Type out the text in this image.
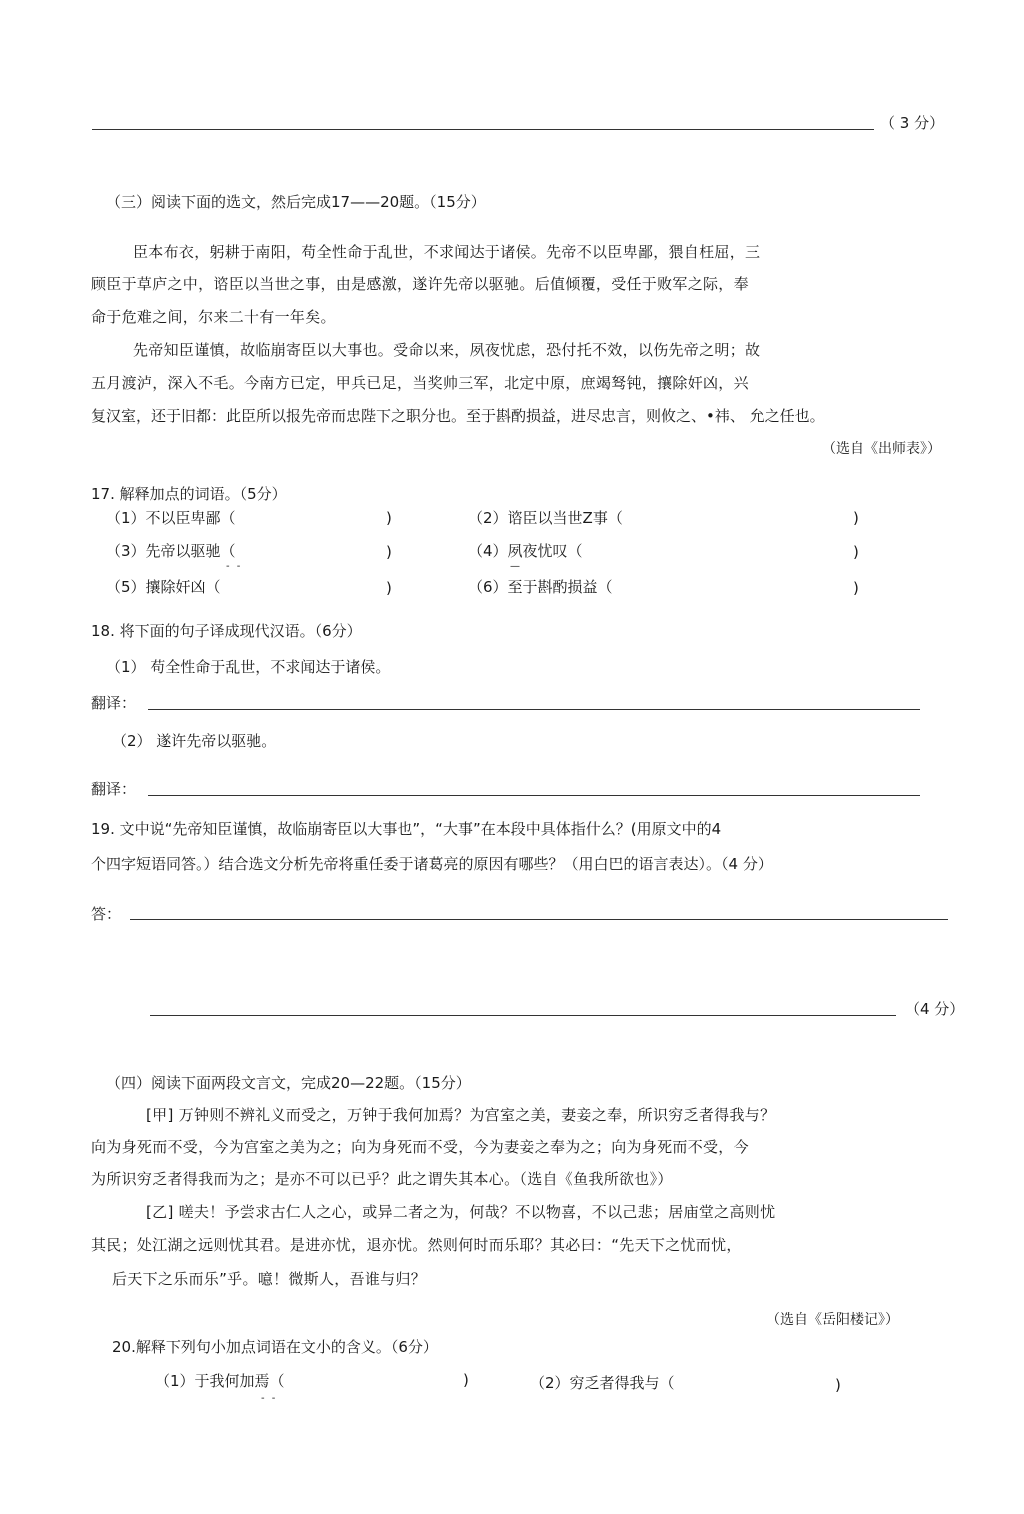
（ 3 分）
（三）阅读下面的选文，然后完成17——20题。（15分）
臣本布衣，躬耕于南阳，苟全性命于乱世，不求闻达于诸侯。先帝不以臣卑鄙，猥自枉屈，三
顾臣于草庐之中，谘臣以当世之事，由是感激，遂许先帝以驱驰。后值倾覆，受任于败军之际，奉
命于危难之间，尔来二十有一年矣。
先帝知臣谨慎，故临崩寄臣以大事也。受命以来，夙夜忧虑，恐付托不效，以伤先帝之明；故
五月渡泸，深入不毛。今南方已定，甲兵已足，当奖帅三军，北定中原，庶竭驽钝，攘除奸凶，兴
复汉室，还于旧都：此臣所以报先帝而忠陛下之职分也。至于斟酌损益，进尽忠言，则攸之、•祎、 允之任也。
（选自《出师表》）
17. 解释加点的词语。（5分）
（1）不以臣卑鄙（	)	（2）谘臣以当世Z事（	)
（3）先帝以驱驰（	)	（4）夙夜忧叹（	)
- -	—
（5）攘除奸凶（	)	（6）至于斟酌损益（	)
18. 将下面的句子译成现代汉语。（6分）
（1） 苟全性命于乱世，不求闻达于诸侯。
翻译：
（2） 遂许先帝以驱驰。
翻译：
19. 文中说“先帝知臣谨慎，故临崩寄臣以大事也”，“大事”在本段中具体指什么？(用原文中的4
个四字短语同答。）结合选文分析先帝将重任委于诸葛亮的原因有哪些？（用白巴的语言表达）。（4 分）
答：
（4 分）
（四）阅读下面两段文言文，完成20—22题。（15分）
[甲] 万钟则不辨礼义而受之，万钟于我何加焉？为宫室之美，妻妾之奉，所识穷乏者得我与？
向为身死而不受，今为宫室之美为之；向为身死而不受，今为妻妾之奉为之；向为身死而不受，今
为所识穷乏者得我而为之；是亦不可以已乎？此之谓失其本心。（选自《鱼我所欲也》）
[乙] 嗟夫！予尝求古仁人之心，或异二者之为，何哉？不以物喜，不以己悲；居庙堂之高则忧
其民；处江湖之远则忧其君。是进亦忧，退亦忧。然则何时而乐耶？其必曰：“先天下之忧而忧，
后天下之乐而乐”乎。噫！微斯人，吾谁与归？
（选自《岳阳楼记》）
20.解释下列句小加点词语在文小的含义。（6分）
（1）于我何加焉（	)	（2）穷乏者得我与（	)
- -
